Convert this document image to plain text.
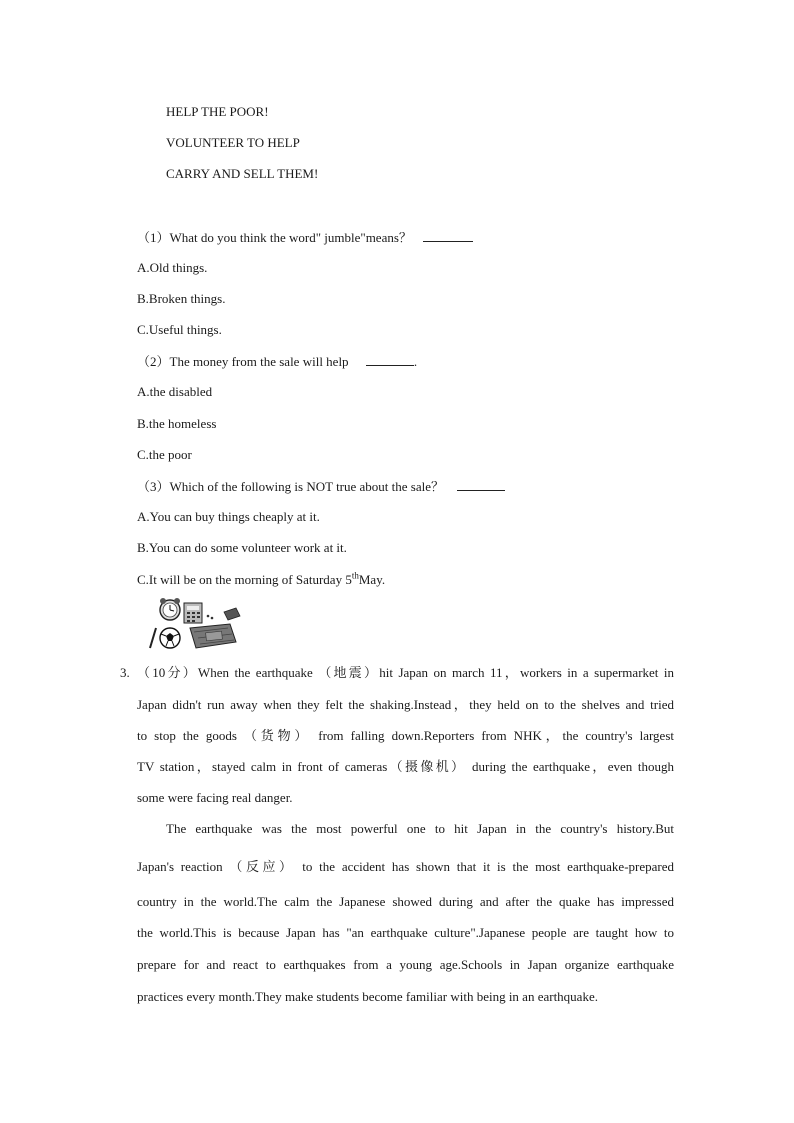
HELP THE POOR!
VOLUNTEER TO HELP
CARRY AND SELL THEM!
（1）What do you think the word" jumble"means？
A.Old things.
B.Broken things.
C.Useful things.
（2）The money from the sale will help	.
A.the disabled
B.the homeless
C.the poor
（3）Which of the following is NOT true about the sale？
A.You can buy things cheaply at it.
B.You can do some volunteer work at it.
C.It will be on the morning of Saturday 5thMay.
3. （10分）When the earthquake （地震）hit Japan on march 11，workers in a supermarket in
Japan didn't run away when they felt the shaking.Instead，they held on to the shelves and tried
to stop the goods （货物） from falling down.Reporters from NHK，the country's largest
TV station，stayed calm in front of cameras（摄像机） during the earthquake，even though
some were facing real danger.
The earthquake was the most powerful one to hit Japan in the country's history.But
Japan's reaction （反应） to the accident has shown that it is the most earthquake-prepared
country in the world.The calm the Japanese showed during and after the quake has impressed
the world.This is because Japan has "an earthquake culture".Japanese people are taught how to
prepare for and react to earthquakes from a young age.Schools in Japan organize earthquake
practices every month.They make students become familiar with being in an earthquake.
